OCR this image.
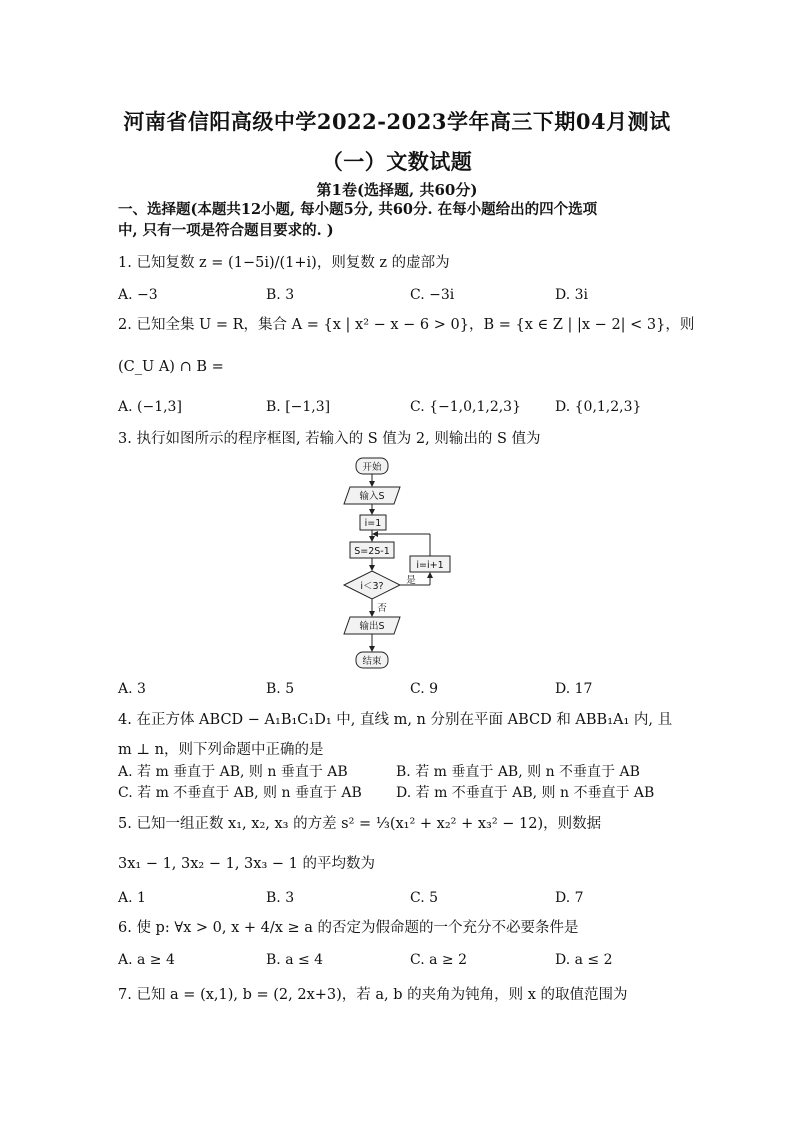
河南省信阳高级中学2022-2023学年高三下期04月测试
（一）文数试题
第1卷(选择题, 共60分)
一、选择题(本题共12小题, 每小题5分, 共60分. 在每小题给出的四个选项
中, 只有一项是符合题目要求的. )
1. 已知复数 z = (1−5i)/(1+i)，则复数 z 的虚部为
A. −3	B. 3	C. −3i	D. 3i
2. 已知全集 U = R，集合 A = {x | x² − x − 6 > 0}，B = {x ∈ Z | |x − 2| < 3}，则
(C_U A) ∩ B =
A. (−1,3]	B. [−1,3]	C. {−1,0,1,2,3} D. {0,1,2,3}
3. 执行如图所示的程序框图, 若输入的 S 值为 2, 则输出的 S 值为
开始
输入S
i=1
S=2S-1
i＜3?
i=i+1
是
否
输出S
结束
A. 3	B. 5	C. 9	D. 17
4. 在正方体 ABCD − A₁B₁C₁D₁ 中, 直线 m, n 分别在平面 ABCD 和 ABB₁A₁ 内, 且
m ⊥ n，则下列命题中正确的是
A. 若 m 垂直于 AB, 则 n 垂直于 AB	B. 若 m 垂直于 AB, 则 n 不垂直于 AB
C. 若 m 不垂直于 AB, 则 n 垂直于 AB D. 若 m 不垂直于 AB, 则 n 不垂直于 AB
5. 已知一组正数 x₁, x₂, x₃ 的方差 s² = ⅓(x₁² + x₂² + x₃² − 12)，则数据
3x₁ − 1, 3x₂ − 1, 3x₃ − 1 的平均数为
A. 1	B. 3	C. 5	D. 7
6. 使 p: ∀x > 0, x + 4/x ≥ a 的否定为假命题的一个充分不必要条件是
A. a ≥ 4	B. a ≤ 4	C. a ≥ 2	D. a ≤ 2
7. 已知 a = (x,1), b = (2, 2x+3)，若 a, b 的夹角为钝角，则 x 的取值范围为
